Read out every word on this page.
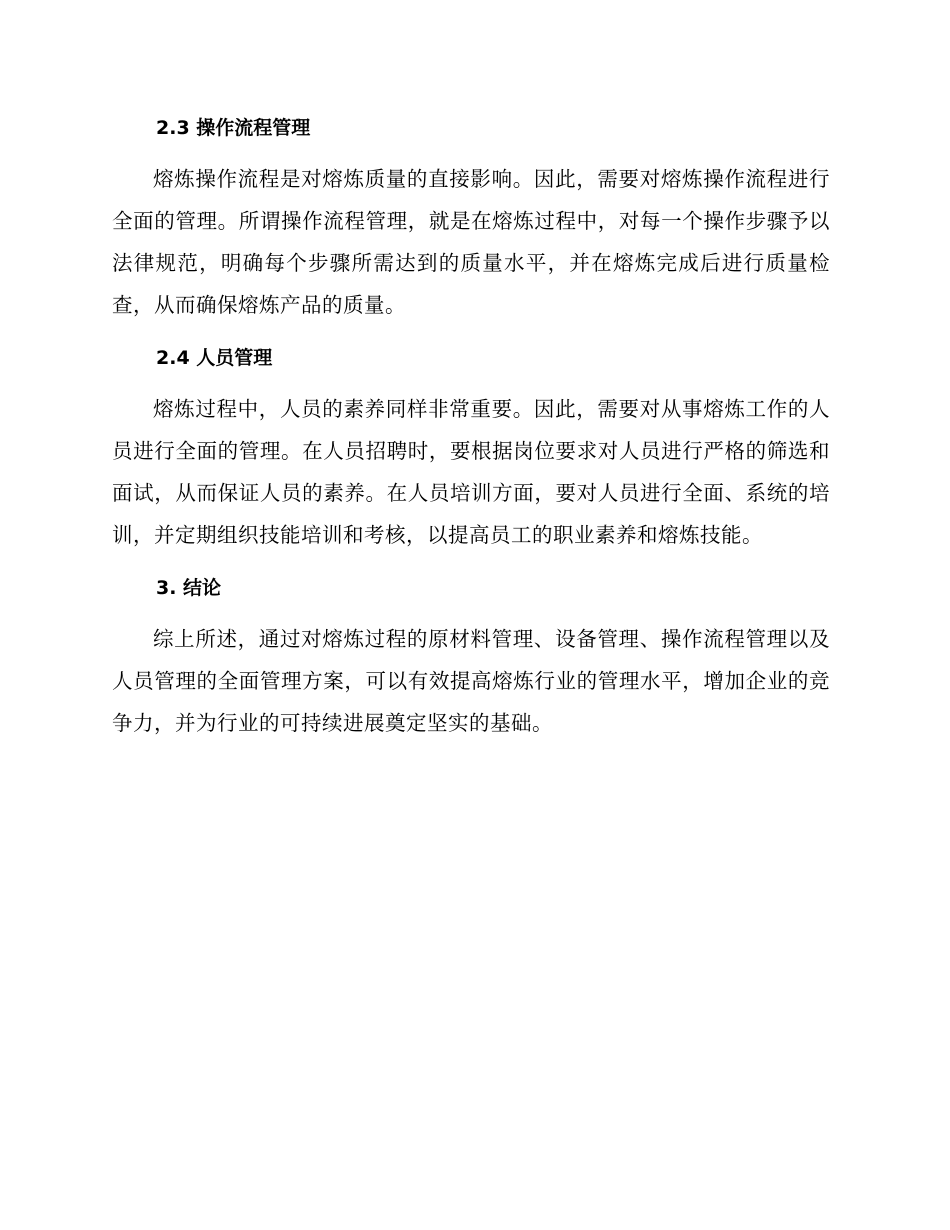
2.3 操作流程管理

熔炼操作流程是对熔炼质量的直接影响。因此，需要对熔炼操作流程进行全面的管理。所谓操作流程管理，就是在熔炼过程中，对每一个操作步骤予以法律规范，明确每个步骤所需达到的质量水平，并在熔炼完成后进行质量检查，从而确保熔炼产品的质量。

2.4 人员管理

熔炼过程中，人员的素养同样非常重要。因此，需要对从事熔炼工作的人员进行全面的管理。在人员招聘时，要根据岗位要求对人员进行严格的筛选和面试，从而保证人员的素养。在人员培训方面，要对人员进行全面、系统的培训，并定期组织技能培训和考核，以提高员工的职业素养和熔炼技能。

3. 结论

综上所述，通过对熔炼过程的原材料管理、设备管理、操作流程管理以及人员管理的全面管理方案，可以有效提高熔炼行业的管理水平，增加企业的竞争力，并为行业的可持续进展奠定坚实的基础。
